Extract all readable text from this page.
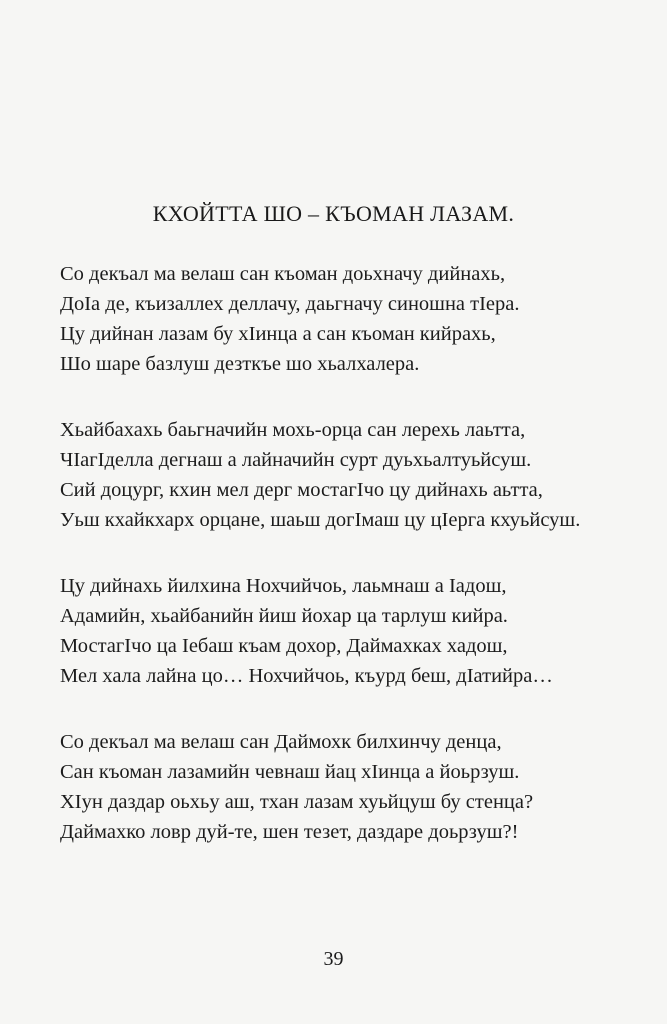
КХОЙТТА ШО – КЪОМАН ЛАЗАМ.
Со декъал ма велаш сан къоман доьхначу дийнахь,
ДоIа де, къизаллех деллачу, даьгначу синошна тIера.
Цу дийнан лазам бу хIинца а сан къоман кийрахь,
Шо шаре базлуш дезткъе шо хьалхалера.
Хьайбахахь баьгначийн мохь-орца сан лерехь лаьтта,
ЧIагIделла дегнаш а лайначийн сурт дуьхьалтуьйсуш.
Сий доцург, кхин мел дерг мостагIчо цу дийнахь аьтта,
Уьш кхайкхарх орцане, шаьш догIмаш цу цIерга кхуьйсуш.
Цу дийнахь йилхина Нохчийчоь, лаьмнаш а Iадош,
Адамийн, хьайбанийн йиш йохар ца тарлуш кийра.
МостагIчо ца Iебаш къам дохор, Даймахках хадош,
Мел хала лайна цо… Нохчийчоь, къурд беш, дIатийра…
Со декъал ма велаш сан Даймохк билхинчу денца,
Сан къоман лазамийн чевнаш йац хIинца а йоьрзуш.
ХIун даздар оьхьу аш, тхан лазам хуьйцуш бу стенца?
Даймахко ловр дуй-те, шен тезет, даздаре доьрзуш?!
39
